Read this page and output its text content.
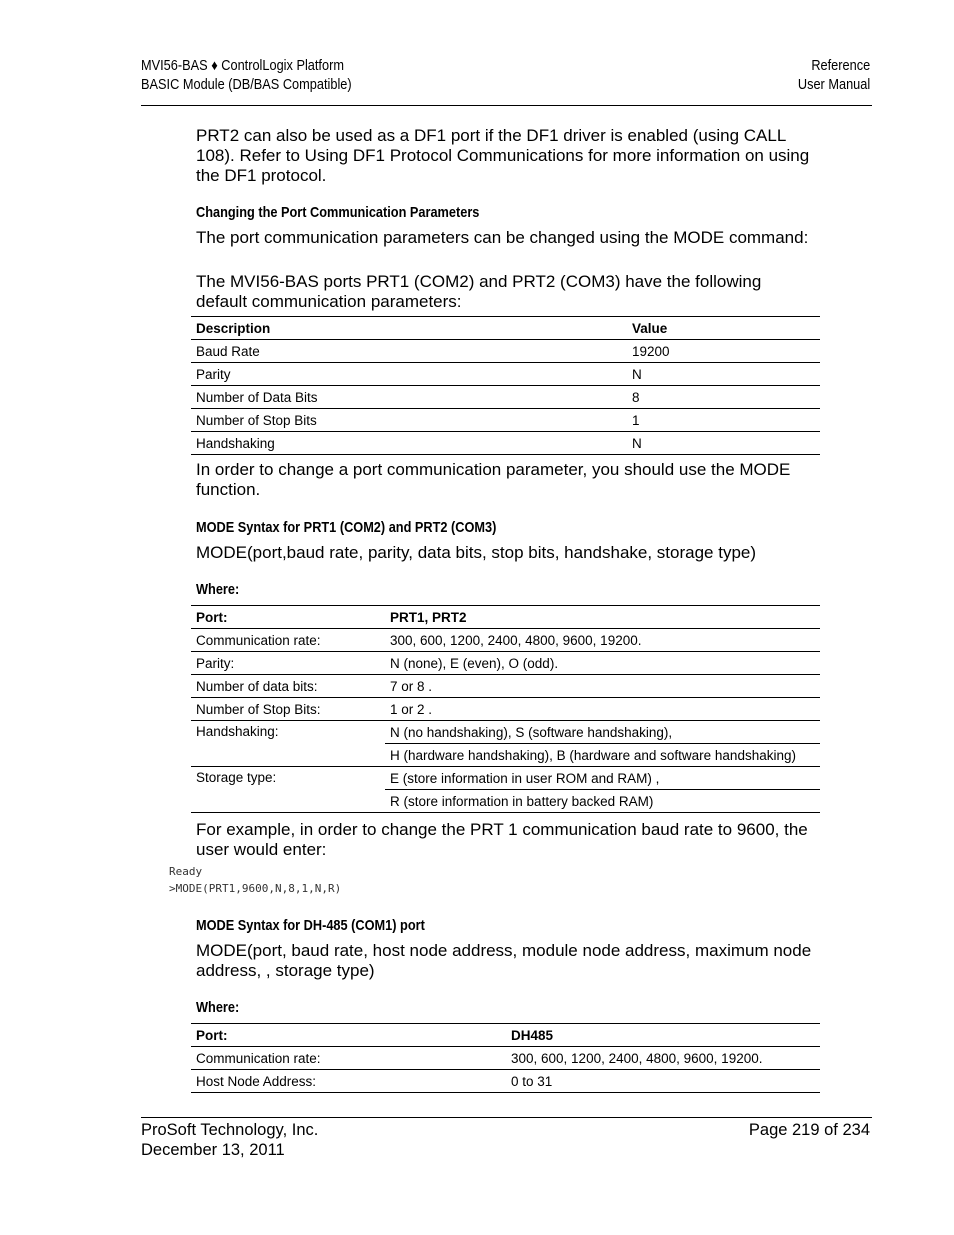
MVI56-BAS ♦ ControlLogix Platform
BASIC Module (DB/BAS Compatible)
Reference
User Manual
PRT2 can also be used as a DF1 port if the DF1 driver is enabled (using CALL 108). Refer to Using DF1 Protocol Communications for more information on using the DF1 protocol.
Changing the Port Communication Parameters
The port communication parameters can be changed using the MODE command:
The MVI56-BAS ports PRT1 (COM2) and PRT2 (COM3) have the following default communication parameters:
Description	Value
Baud Rate	19200
Parity	N
Number of Data Bits	8
Number of Stop Bits	1
Handshaking	N
In order to change a port communication parameter, you should use the MODE function.
MODE Syntax for PRT1 (COM2) and PRT2 (COM3)
MODE(port,baud rate, parity, data bits, stop bits, handshake, storage type)
Where:
Port:	PRT1, PRT2
Communication rate:	300, 600, 1200, 2400, 4800, 9600, 19200.
Parity:	N (none), E (even), O (odd).
Number of data bits:	7 or 8 .
Number of Stop Bits:	1 or 2 .
Handshaking:	N (no handshaking), S (software handshaking),
	H (hardware handshaking), B (hardware and software handshaking)
Storage type:	E (store information in user ROM and RAM) ,
	R (store information in battery backed RAM)
For example, in order to change the PRT 1 communication baud rate to 9600, the user would enter:
Ready
>MODE(PRT1,9600,N,8,1,N,R)
MODE Syntax for DH-485 (COM1) port
MODE(port, baud rate, host node address, module node address, maximum node address, , storage type)
Where:
Port:	DH485
Communication rate:	300, 600, 1200, 2400, 4800, 9600, 19200.
Host Node Address:	0 to 31
ProSoft Technology, Inc.
December 13, 2011
Page 219 of 234
